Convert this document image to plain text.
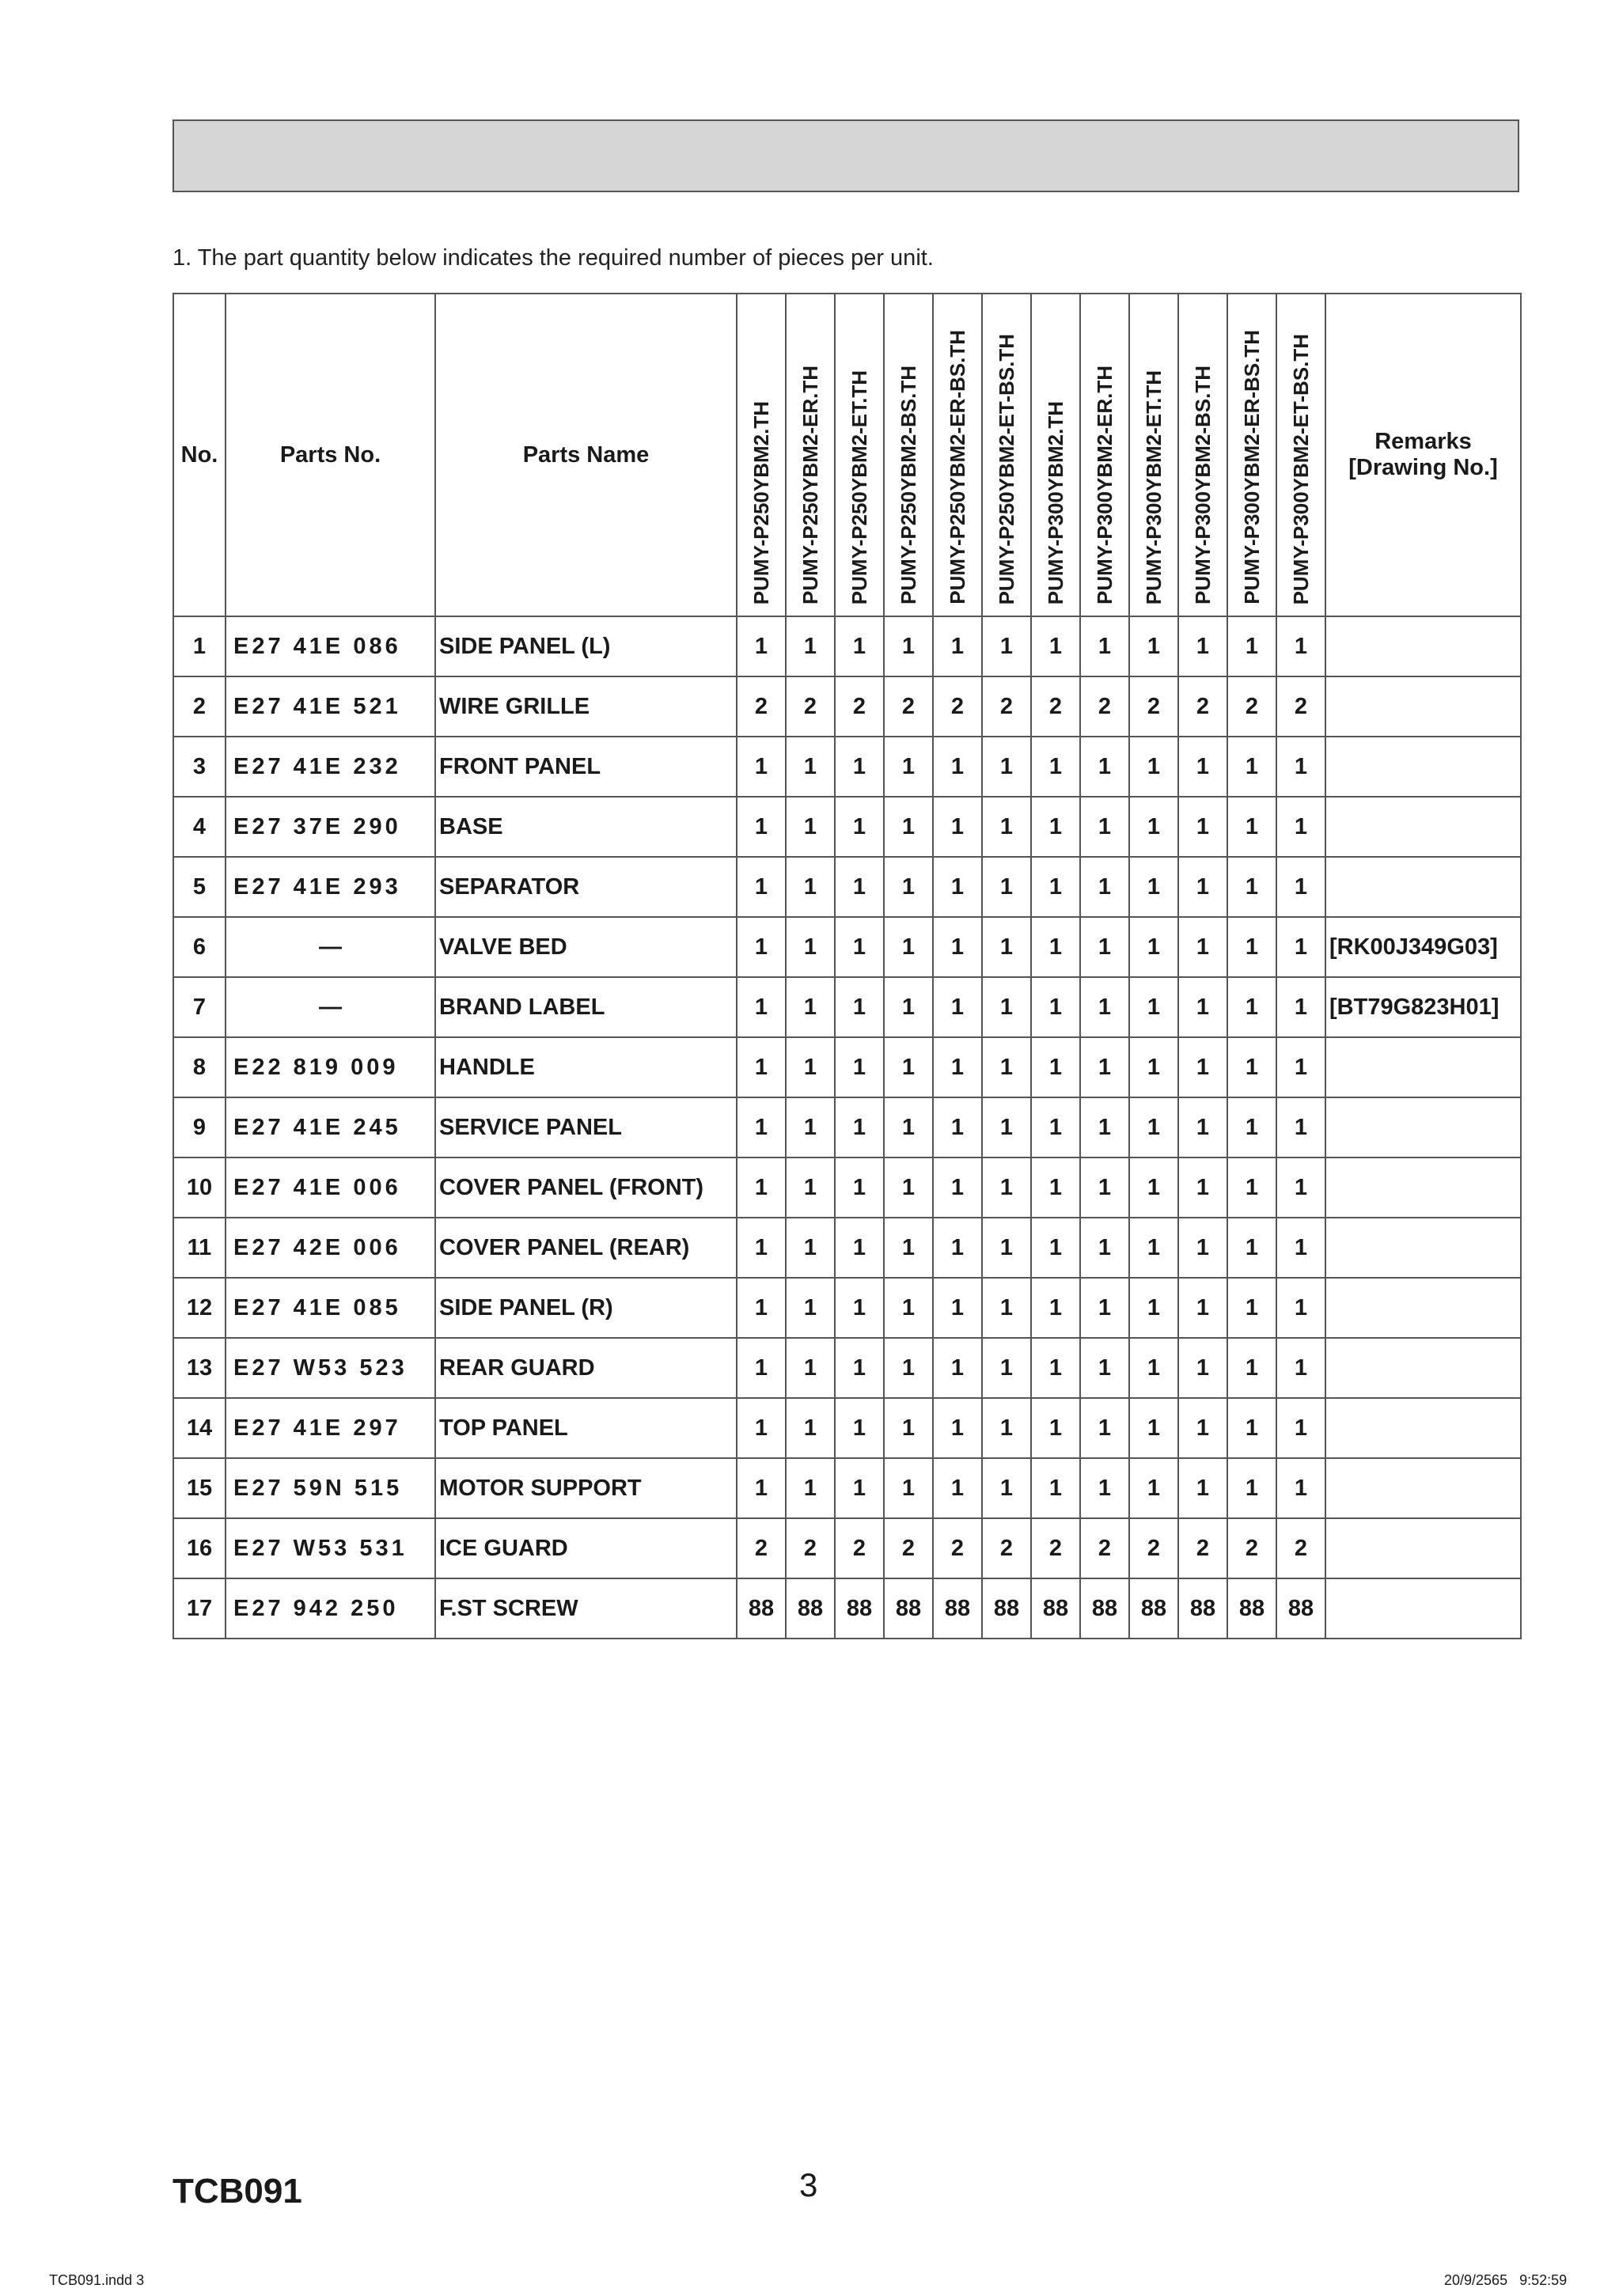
1. The part quantity below indicates the required number of pieces per unit.
No.	Parts No.	Parts Name	PUMY-P250YBM2.TH	PUMY-P250YBM2-ER.TH	PUMY-P250YBM2-ET.TH	PUMY-P250YBM2-BS.TH	PUMY-P250YBM2-ER-BS.TH	PUMY-P250YBM2-ET-BS.TH	PUMY-P300YBM2.TH	PUMY-P300YBM2-ER.TH	PUMY-P300YBM2-ET.TH	PUMY-P300YBM2-BS.TH	PUMY-P300YBM2-ER-BS.TH	PUMY-P300YBM2-ET-BS.TH	Remarks
[Drawing No.]
1	E27 41E 086	SIDE PANEL (L)	1	1	1	1	1	1	1	1	1	1	1	1	
2	E27 41E 521	WIRE GRILLE	2	2	2	2	2	2	2	2	2	2	2	2	
3	E27 41E 232	FRONT PANEL	1	1	1	1	1	1	1	1	1	1	1	1	
4	E27 37E 290	BASE	1	1	1	1	1	1	1	1	1	1	1	1	
5	E27 41E 293	SEPARATOR	1	1	1	1	1	1	1	1	1	1	1	1	
6	—	VALVE BED	1	1	1	1	1	1	1	1	1	1	1	1	[RK00J349G03]
7	—	BRAND LABEL	1	1	1	1	1	1	1	1	1	1	1	1	[BT79G823H01]
8	E22 819 009	HANDLE	1	1	1	1	1	1	1	1	1	1	1	1	
9	E27 41E 245	SERVICE PANEL	1	1	1	1	1	1	1	1	1	1	1	1	
10	E27 41E 006	COVER PANEL (FRONT)	1	1	1	1	1	1	1	1	1	1	1	1	
11	E27 42E 006	COVER PANEL (REAR)	1	1	1	1	1	1	1	1	1	1	1	1	
12	E27 41E 085	SIDE PANEL (R)	1	1	1	1	1	1	1	1	1	1	1	1	
13	E27 W53 523	REAR GUARD	1	1	1	1	1	1	1	1	1	1	1	1	
14	E27 41E 297	TOP PANEL	1	1	1	1	1	1	1	1	1	1	1	1	
15	E27 59N 515	MOTOR SUPPORT	1	1	1	1	1	1	1	1	1	1	1	1	
16	E27 W53 531	ICE GUARD	2	2	2	2	2	2	2	2	2	2	2	2	
17	E27 942 250	F.ST SCREW	88	88	88	88	88	88	88	88	88	88	88	88	
TCB091	3
TCB091.indd 3	20/9/2565   9:52:59
